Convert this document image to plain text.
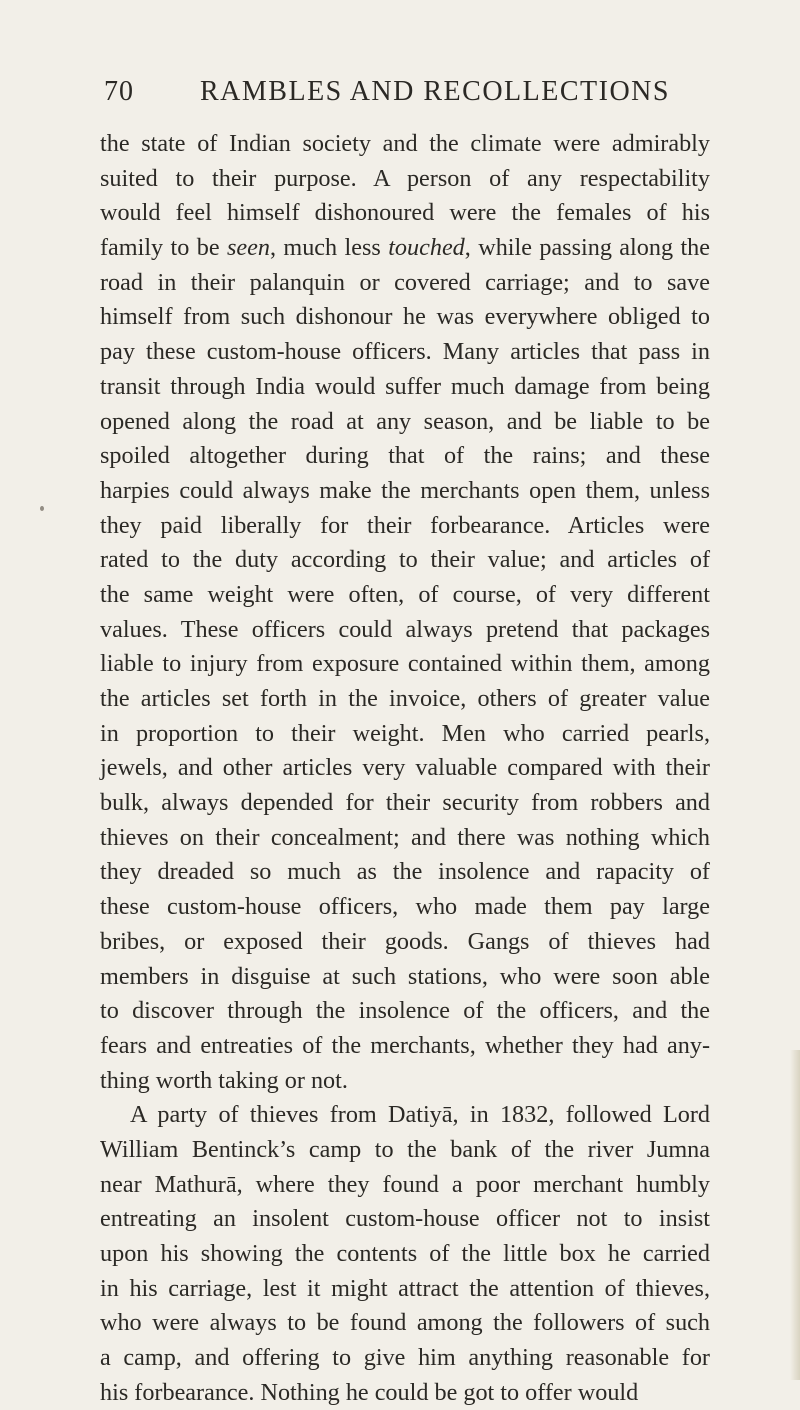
70 RAMBLES AND RECOLLECTIONS
the state of Indian society and the climate were admirably
suited to their purpose. A person of any respectability
would feel himself dishonoured were the females of his
family to be seen, much less touched, while passing along the
road in their palanquin or covered carriage; and to save
himself from such dishonour he was everywhere obliged to
pay these custom-house officers. Many articles that pass in
transit through India would suffer much damage from being
opened along the road at any season, and be liable to be
spoiled altogether during that of the rains; and these
harpies could always make the merchants open them, unless
they paid liberally for their forbearance. Articles were
rated to the duty according to their value; and articles of
the same weight were often, of course, of very different
values. These officers could always pretend that packages
liable to injury from exposure contained within them, among
the articles set forth in the invoice, others of greater value
in proportion to their weight. Men who carried pearls,
jewels, and other articles very valuable compared with their
bulk, always depended for their security from robbers and
thieves on their concealment; and there was nothing which
they dreaded so much as the insolence and rapacity of
these custom-house officers, who made them pay large
bribes, or exposed their goods. Gangs of thieves had
members in disguise at such stations, who were soon able
to discover through the insolence of the officers, and the
fears and entreaties of the merchants, whether they had any-
thing worth taking or not.
A party of thieves from Datiyā, in 1832, followed Lord
William Bentinck’s camp to the bank of the river Jumna
near Mathurā, where they found a poor merchant humbly
entreating an insolent custom-house officer not to insist
upon his showing the contents of the little box he carried
in his carriage, lest it might attract the attention of thieves,
who were always to be found among the followers of such
a camp, and offering to give him anything reasonable for
his forbearance. Nothing he could be got to offer would
